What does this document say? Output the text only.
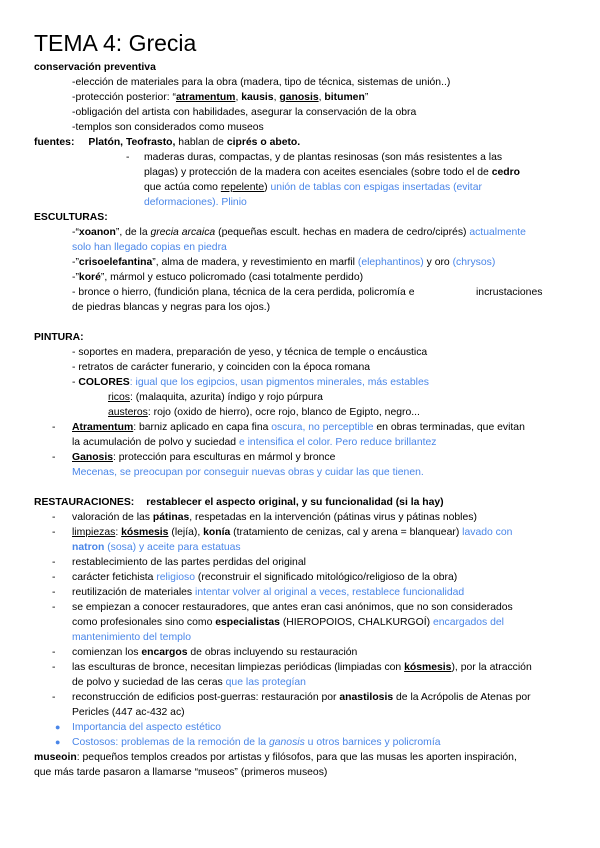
TEMA 4: Grecia
conservación preventiva
-elección de materiales para la obra (madera, tipo de técnica, sistemas de unión..)
-protección posterior: “atramentum, kausis, ganosis, bitumen”
-obligación del artista con habilidades, asegurar la conservación de la obra
-templos son considerados como museos
fuentes: Platón, Teofrasto, hablan de ciprés o abeto.
- maderas duras, compactas, y de plantas resinosas (son más resistentes a las
plagas) y protección de la madera con aceites esenciales (sobre todo el de cedro
que actúa como repelente) unión de tablas con espigas insertadas (evitar
deformaciones). Plinio
ESCULTURAS:
-“xoanon”, de la grecia arcaica (pequeñas escult. hechas en madera de cedro/ciprés) actualmente
solo han llegado copias en piedra
-”crisoelefantina”, alma de madera, y revestimiento en marfil (elephantinos) y oro (chrysos)
-”koré”, mármol y estuco policromado (casi totalmente perdido)
- bronce o hierro, (fundición plana, técnica de la cera perdida, policromía e	incrustaciones
de piedras blancas y negras para los ojos.)
PINTURA:
- soportes en madera, preparación de yeso, y técnica de temple o encáustica
- retratos de carácter funerario, y coinciden con la época romana
- COLORES: igual que los egipcios, usan pigmentos minerales, más estables
ricos: (malaquita, azurita) índigo y rojo púrpura
austeros: rojo (oxido de hierro), ocre rojo, blanco de Egipto, negro...
- Atramentum: barniz aplicado en capa fina oscura, no perceptible en obras terminadas, que evitan
la acumulación de polvo y suciedad e intensifica el color. Pero reduce brillantez
- Ganosis: protección para esculturas en mármol y bronce
Mecenas, se preocupan por conseguir nuevas obras y cuidar las que tienen.
RESTAURACIONES: restablecer el aspecto original, y su funcionalidad (si la hay)
- valoración de las pátinas, respetadas en la intervención (pátinas virus y pátinas nobles)
- limpiezas: kósmesis (lejía), konía (tratamiento de cenizas, cal y arena = blanquear) lavado con
natron (sosa) y aceite para estatuas
- restablecimiento de las partes perdidas del original
- carácter fetichista religioso (reconstruir el significado mitológico/religioso de la obra)
- reutilización de materiales intentar volver al original a veces, restablece funcionalidad
- se empiezan a conocer restauradores, que antes eran casi anónimos, que no son considerados
como profesionales sino como especialistas (HIEROPOIOS, CHALKURGOÍ) encargados del
mantenimiento del templo
- comienzan los encargos de obras incluyendo su restauración
- las esculturas de bronce, necesitan limpiezas periódicas (limpiadas con kósmesis), por la atracción
de polvo y suciedad de las ceras que las protegían
- reconstrucción de edificios post-guerras: restauración por anastilosis de la Acrópolis de Atenas por
Pericles (447 ac-432 ac)
● Importancia del aspecto estético
● Costosos: problemas de la remoción de la ganosis u otros barnices y policromía
museoin: pequeños templos creados por artistas y filósofos, para que las musas les aporten inspiración,
que más tarde pasaron a llamarse “museos” (primeros museos)
